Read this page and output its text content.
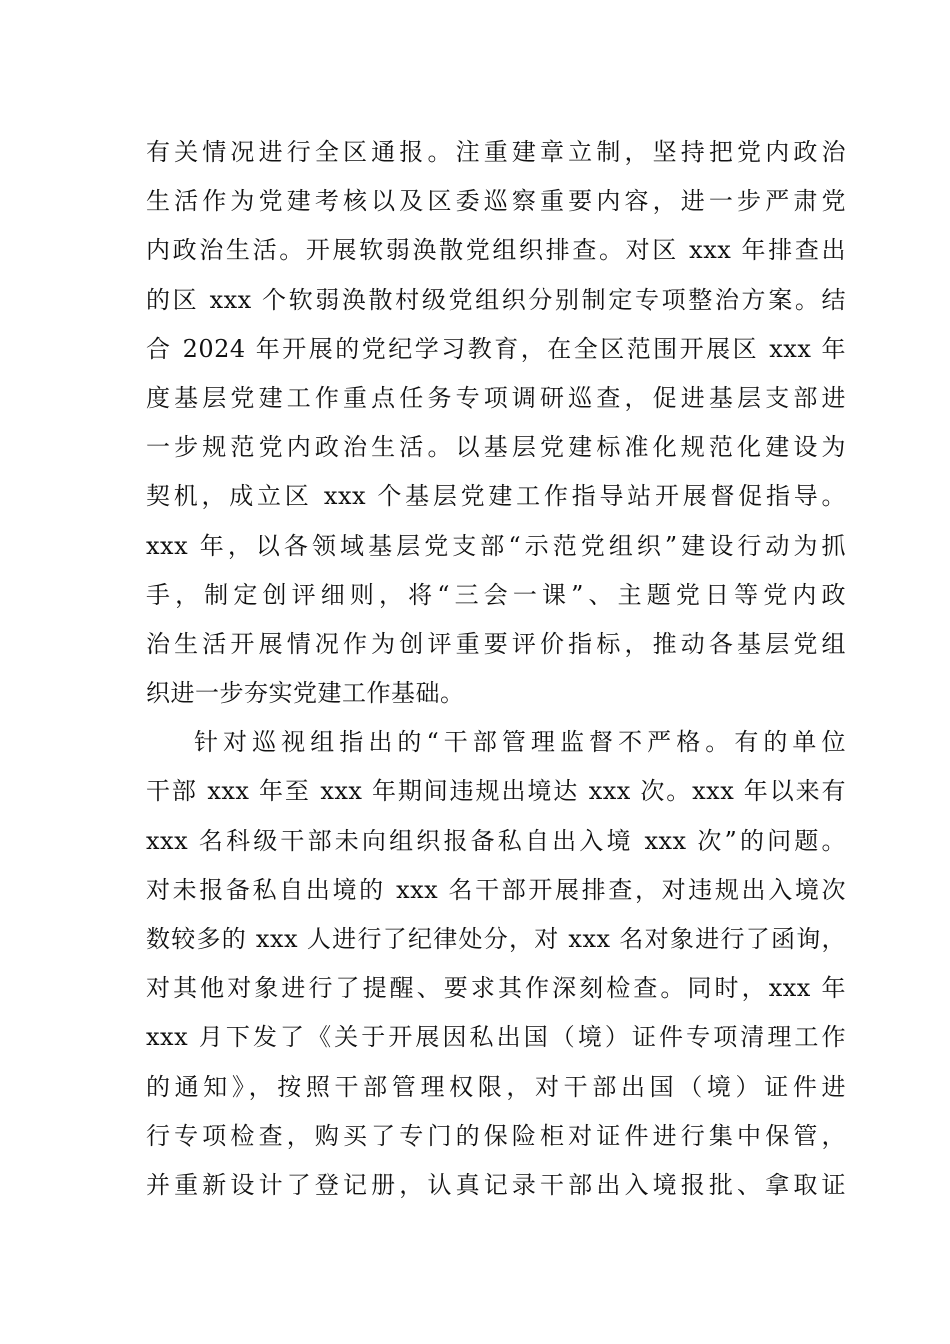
有关情况进行全区通报。注重建章立制，坚持把党内政治
生活作为党建考核以及区委巡察重要内容，进一步严肃党
内政治生活。开展软弱涣散党组织排查。对区 xxx 年排查出
的区 xxx 个软弱涣散村级党组织分别制定专项整治方案。结
合 2024 年开展的党纪学习教育，在全区范围开展区 xxx 年
度基层党建工作重点任务专项调研巡查，促进基层支部进
一步规范党内政治生活。以基层党建标准化规范化建设为
契机，成立区 xxx 个基层党建工作指导站开展督促指导。
xxx 年，以各领域基层党支部“示范党组织”建设行动为抓
手，制定创评细则，将“三会一课”、主题党日等党内政
治生活开展情况作为创评重要评价指标，推动各基层党组
织进一步夯实党建工作基础。
针对巡视组指出的“干部管理监督不严格。有的单位
干部 xxx 年至 xxx 年期间违规出境达 xxx 次。xxx 年以来有
xxx 名科级干部未向组织报备私自出入境 xxx 次”的问题。
对未报备私自出境的 xxx 名干部开展排查，对违规出入境次
数较多的 xxx 人进行了纪律处分，对 xxx 名对象进行了函询，
对其他对象进行了提醒、要求其作深刻检查。同时，xxx 年
xxx 月下发了《关于开展因私出国（境）证件专项清理工作
的通知》，按照干部管理权限，对干部出国（境）证件进
行专项检查，购买了专门的保险柜对证件进行集中保管，
并重新设计了登记册，认真记录干部出入境报批、拿取证
